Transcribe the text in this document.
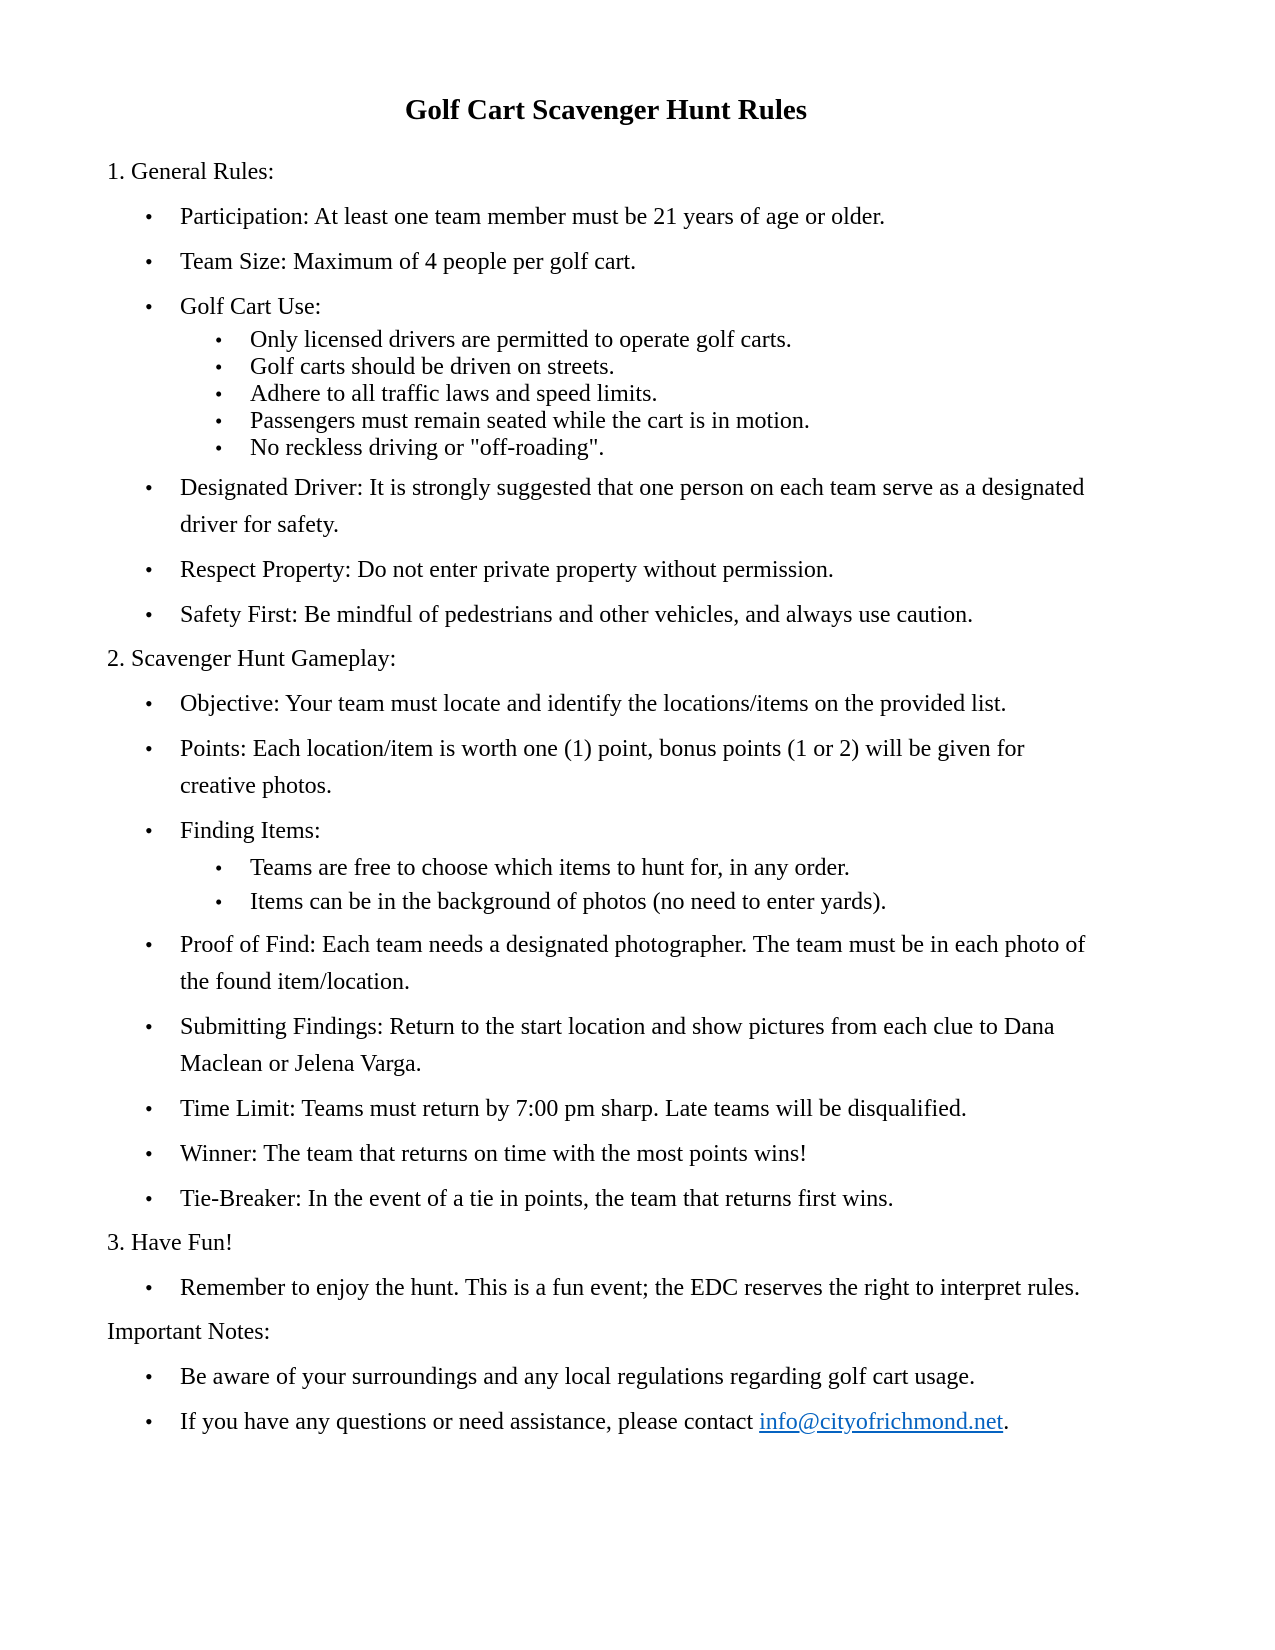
Golf Cart Scavenger Hunt Rules

1. General Rules:

•	Participation: At least one team member must be 21 years of age or older.
•	Team Size: Maximum of 4 people per golf cart.
•	Golf Cart Use:
•	Only licensed drivers are permitted to operate golf carts.
•	Golf carts should be driven on streets.
•	Adhere to all traffic laws and speed limits.
•	Passengers must remain seated while the cart is in motion.
•	No reckless driving or "off-roading".
•	Designated Driver: It is strongly suggested that one person on each team serve as a designated driver for safety.
•	Respect Property: Do not enter private property without permission.
•	Safety First: Be mindful of pedestrians and other vehicles, and always use caution.

2. Scavenger Hunt Gameplay:

•	Objective: Your team must locate and identify the locations/items on the provided list.
•	Points: Each location/item is worth one (1) point, bonus points (1 or 2) will be given for creative photos.
•	Finding Items:
•	Teams are free to choose which items to hunt for, in any order.
•	Items can be in the background of photos (no need to enter yards).
•	Proof of Find: Each team needs a designated photographer. The team must be in each photo of the found item/location.
•	Submitting Findings: Return to the start location and show pictures from each clue to Dana Maclean or Jelena Varga.
•	Time Limit: Teams must return by 7:00 pm sharp. Late teams will be disqualified.
•	Winner: The team that returns on time with the most points wins!
•	Tie-Breaker: In the event of a tie in points, the team that returns first wins.

3. Have Fun!

•	Remember to enjoy the hunt. This is a fun event; the EDC reserves the right to interpret rules.

Important Notes:

•	Be aware of your surroundings and any local regulations regarding golf cart usage.
•	If you have any questions or need assistance, please contact info@cityofrichmond.net.
